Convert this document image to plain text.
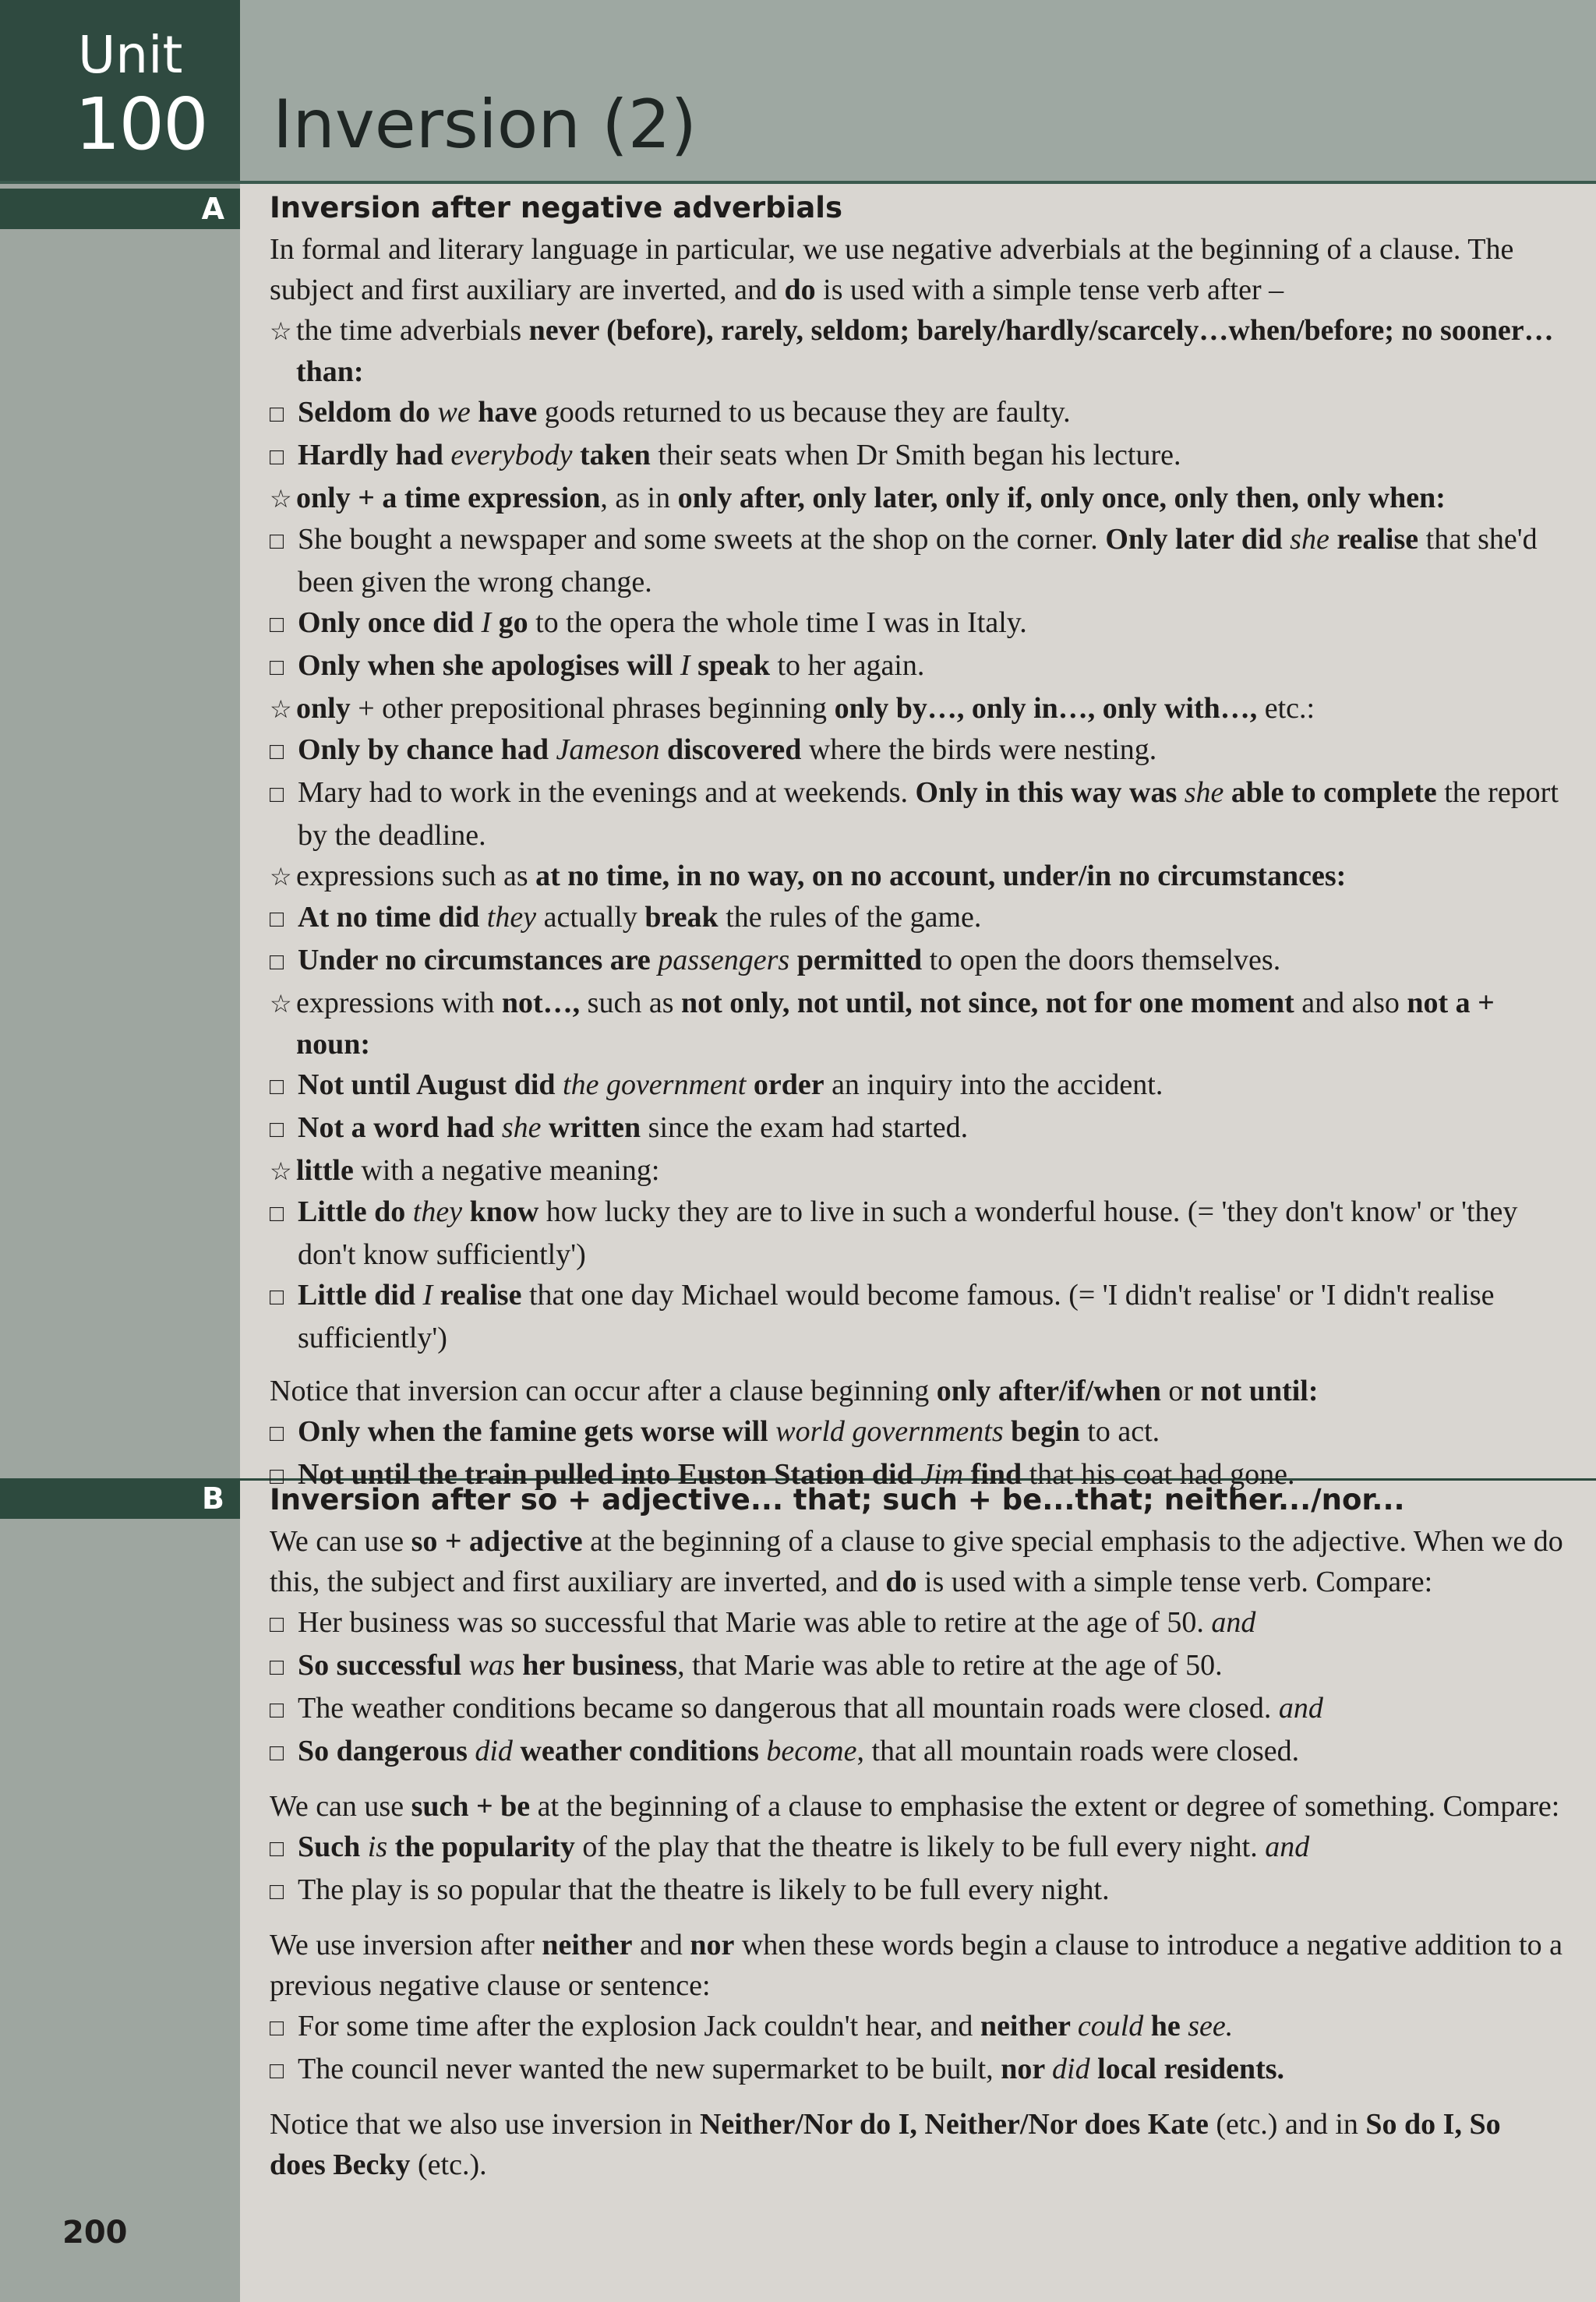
Unit
100 Inversion (2)
A
B
200
Inversion after negative adverbials

In formal and literary language in particular, we use negative adverbials at the beginning of a clause. The subject and first auxiliary are inverted, and do is used with a simple tense verb after –

☆ the time adverbials never (before), rarely, seldom; barely/hardly/scarcely…when/before; no sooner…than:

□ Seldom do we have goods returned to us because they are faulty.

□ Hardly had everybody taken their seats when Dr Smith began his lecture.

☆ only + a time expression, as in only after, only later, only if, only once, only then, only when:

□ She bought a newspaper and some sweets at the shop on the corner. Only later did she realise that she'd been given the wrong change.

□ Only once did I go to the opera the whole time I was in Italy.

□ Only when she apologises will I speak to her again.

☆ only + other prepositional phrases beginning only by…, only in…, only with…, etc.:

□ Only by chance had Jameson discovered where the birds were nesting.

□ Mary had to work in the evenings and at weekends. Only in this way was she able to complete the report by the deadline.

☆ expressions such as at no time, in no way, on no account, under/in no circumstances:

□ At no time did they actually break the rules of the game.

□ Under no circumstances are passengers permitted to open the doors themselves.

☆ expressions with not…, such as not only, not until, not since, not for one moment and also not a + noun:

□ Not until August did the government order an inquiry into the accident.

□ Not a word had she written since the exam had started.

☆ little with a negative meaning:

□ Little do they know how lucky they are to live in such a wonderful house. (= 'they don't know' or 'they don't know sufficiently')

□ Little did I realise that one day Michael would become famous. (= 'I didn't realise' or 'I didn't realise sufficiently')

Notice that inversion can occur after a clause beginning only after/if/when or not until:

□ Only when the famine gets worse will world governments begin to act.

□ Not until the train pulled into Euston Station did Jim find that his coat had gone.

Inversion after so + adjective... that; such + be...that; neither.../nor...

We can use so + adjective at the beginning of a clause to give special emphasis to the adjective. When we do this, the subject and first auxiliary are inverted, and do is used with a simple tense verb. Compare:

□ Her business was so successful that Marie was able to retire at the age of 50. and

□ So successful was her business, that Marie was able to retire at the age of 50.

□ The weather conditions became so dangerous that all mountain roads were closed. and

□ So dangerous did weather conditions become, that all mountain roads were closed.

We can use such + be at the beginning of a clause to emphasise the extent or degree of something. Compare:

□ Such is the popularity of the play that the theatre is likely to be full every night. and

□ The play is so popular that the theatre is likely to be full every night.

We use inversion after neither and nor when these words begin a clause to introduce a negative addition to a previous negative clause or sentence:

□ For some time after the explosion Jack couldn't hear, and neither could he see.

□ The council never wanted the new supermarket to be built, nor did local residents.

Notice that we also use inversion in Neither/Nor do I, Neither/Nor does Kate (etc.) and in So do I, So does Becky (etc.).
